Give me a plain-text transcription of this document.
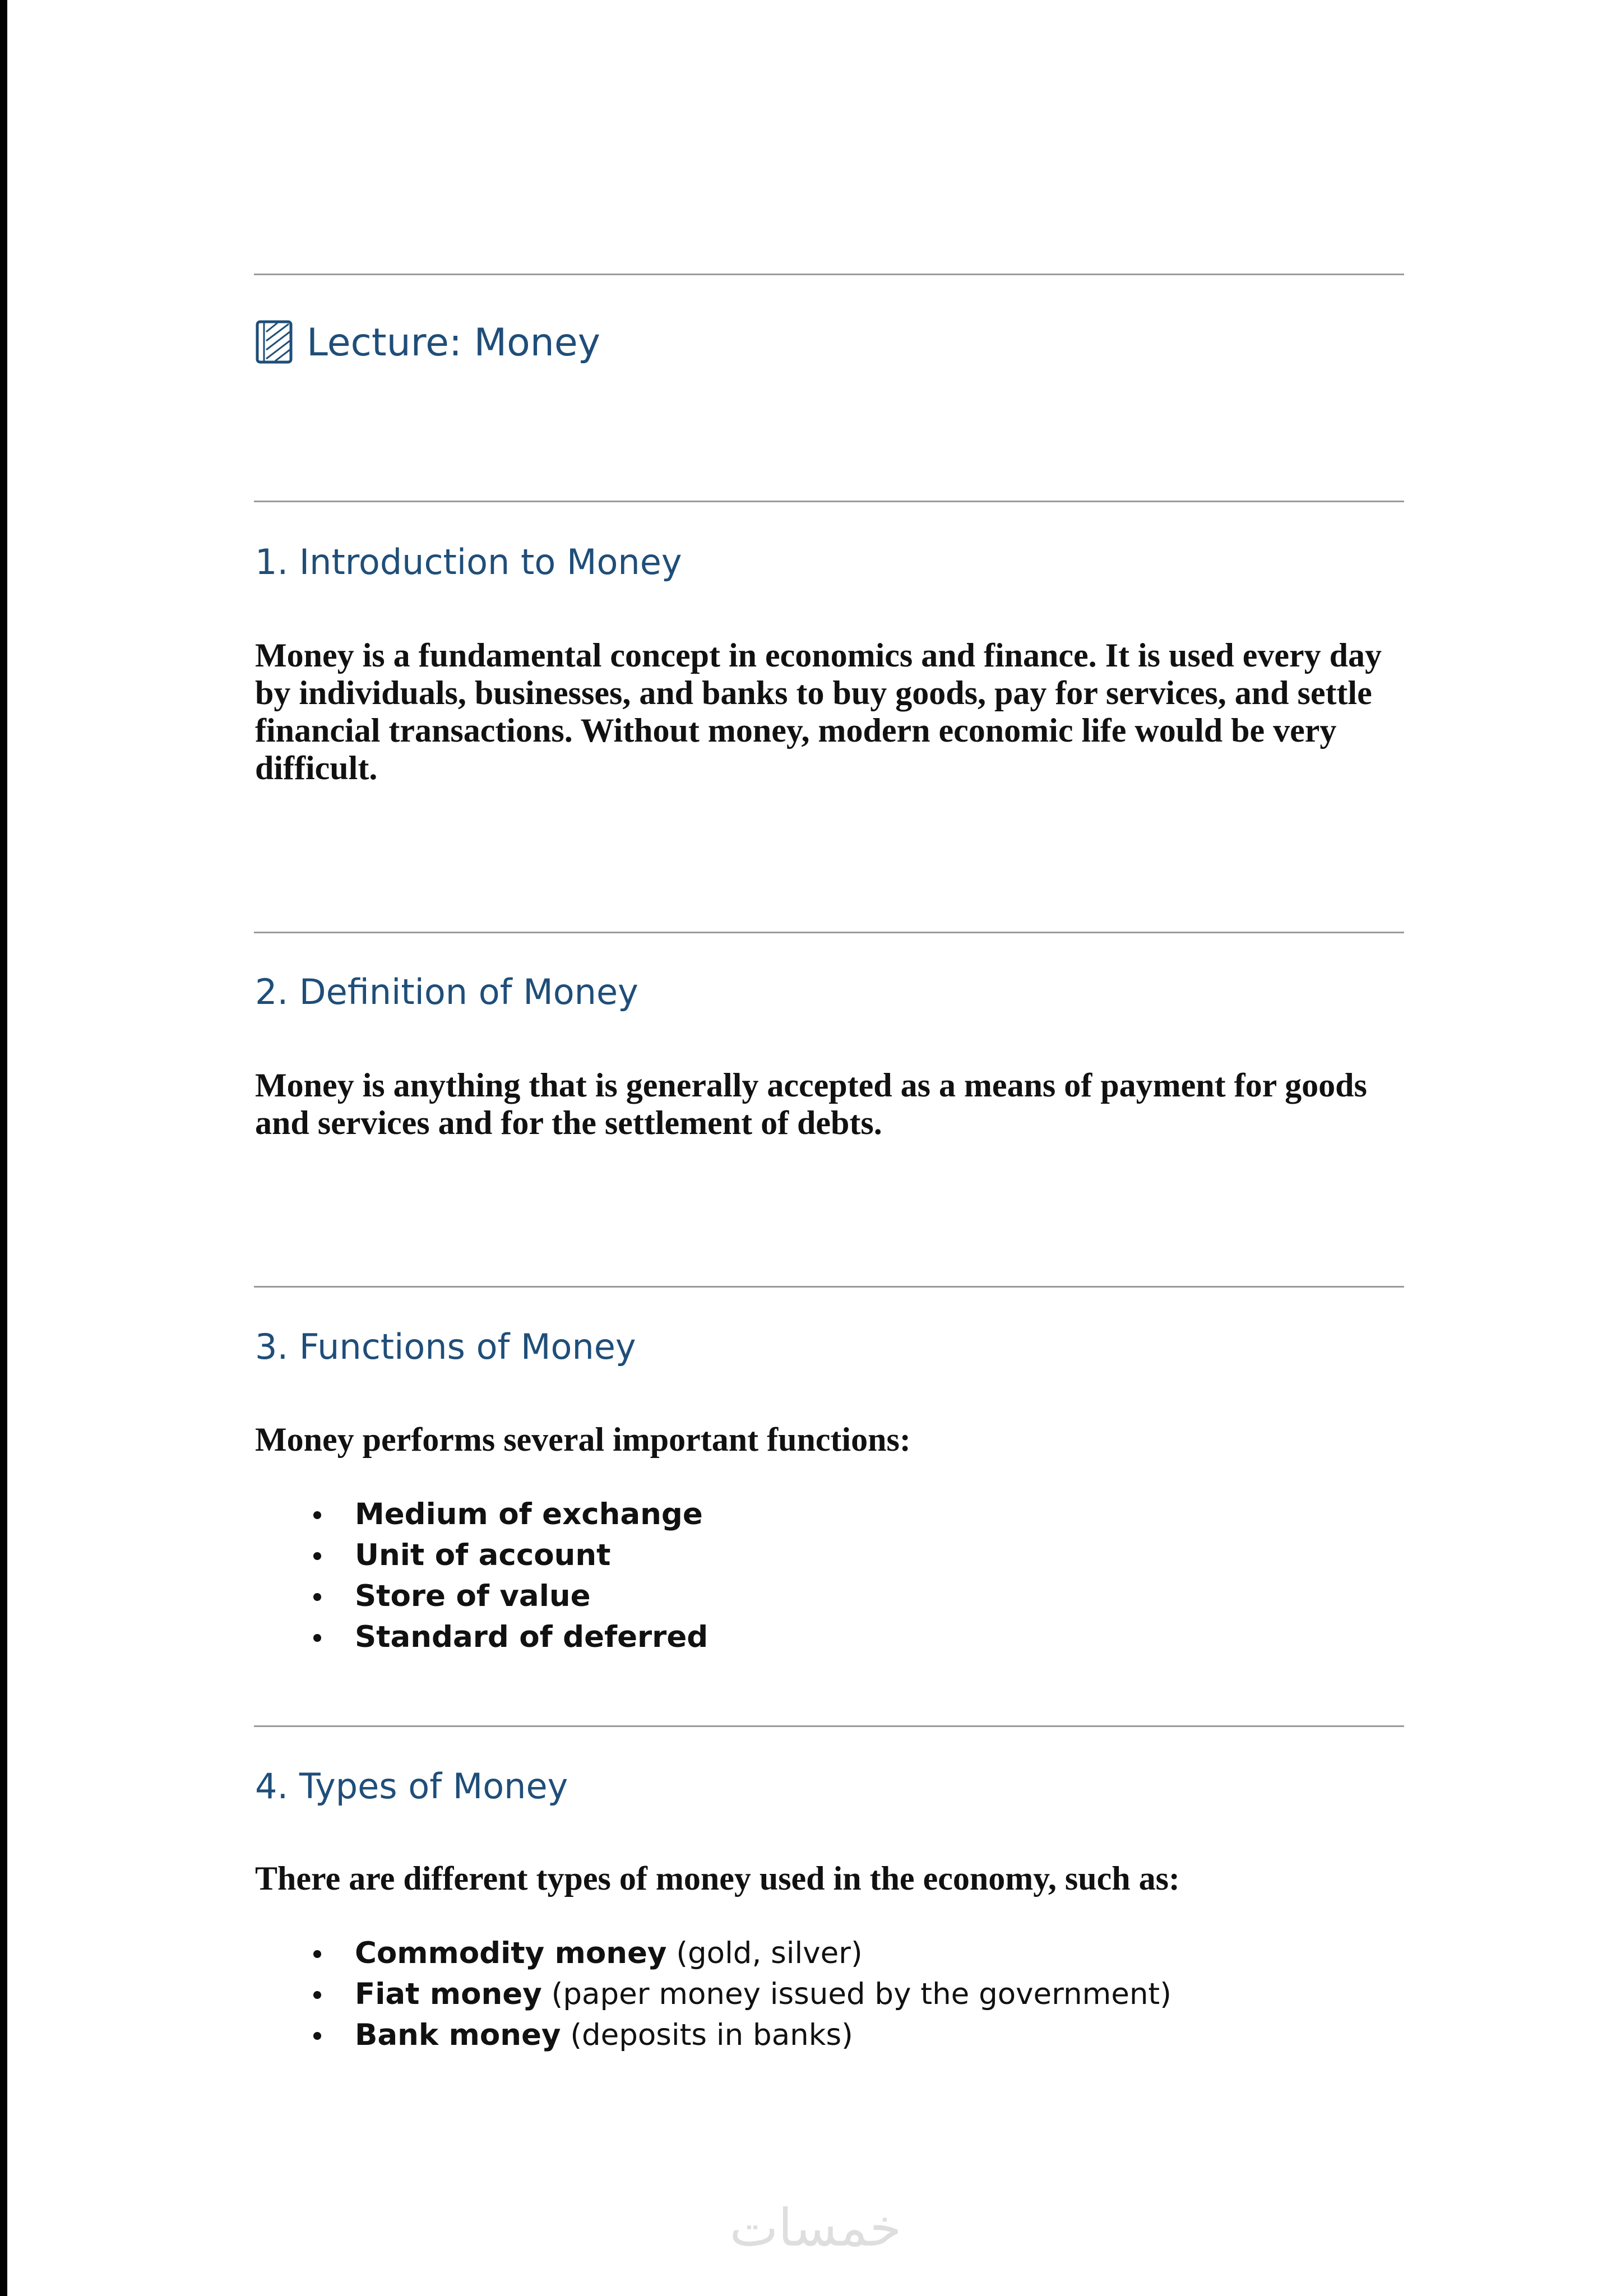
Lecture: Money
1. Introduction to Money

Money is a fundamental concept in economics and finance. It is used every day by individuals, businesses, and banks to buy goods, pay for services, and settle financial transactions. Without money, modern economic life would be very difficult.

2. Definition of Money

Money is anything that is generally accepted as a means of payment for goods and services and for the settlement of debts.

3. Functions of Money

Money performs several important functions:

Medium of exchange
Unit of account
Store of value
Standard of deferred
4. Types of Money

There are different types of money used in the economy, such as:

Commodity money (gold, silver)
Fiat money (paper money issued by the government)
Bank money (deposits in banks)
خمسات
